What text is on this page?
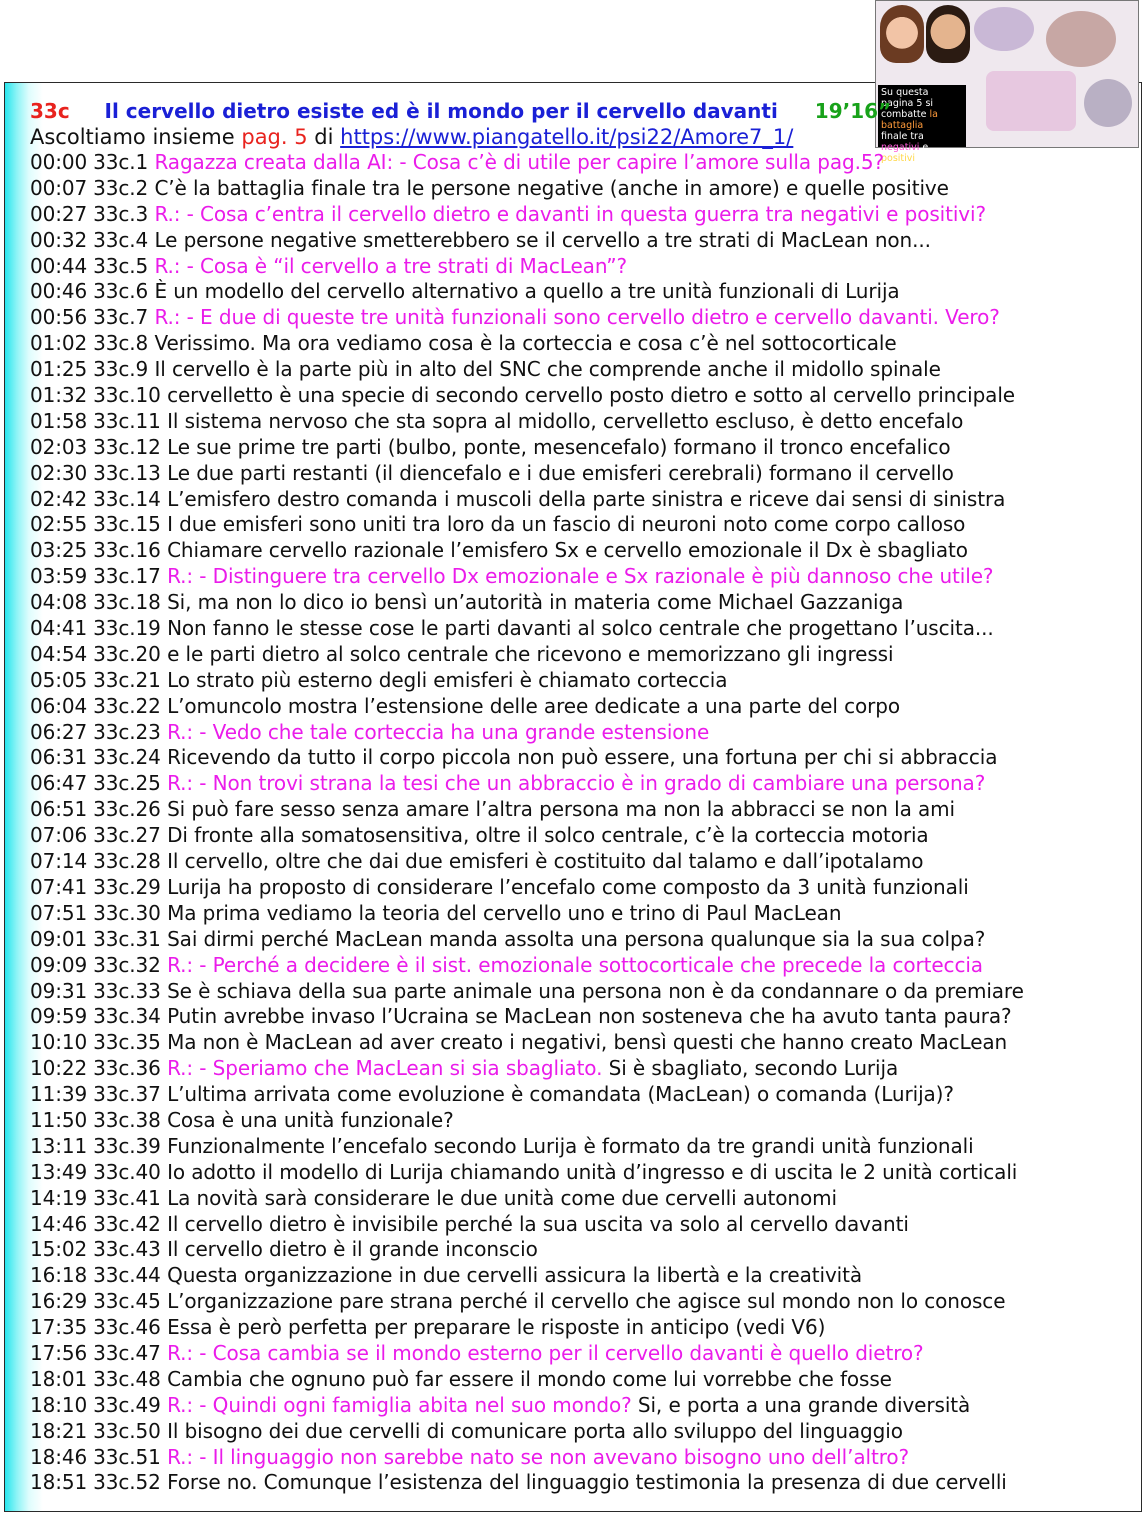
Su questa
pagina 5 si
combatte la
battaglia
finale tra negativi e positivi
33c Il cervello dietro esiste ed è il mondo per il cervello davanti 19’16”
Ascoltiamo insieme pag. 5 di https://www.piangatello.it/psi22/Amore7_1/
00:00 33c.1 Ragazza creata dalla AI: - Cosa c’è di utile per capire l’amore sulla pag.5?
00:07 33c.2 C’è la battaglia finale tra le persone negative (anche in amore) e quelle positive
00:27 33c.3 R.: - Cosa c’entra il cervello dietro e davanti in questa guerra tra negativi e positivi?
00:32 33c.4 Le persone negative smetterebbero se il cervello a tre strati di MacLean non...
00:44 33c.5 R.: - Cosa è “il cervello a tre strati di MacLean”?
00:46 33c.6 È un modello del cervello alternativo a quello a tre unità funzionali di Lurija
00:56 33c.7 R.: - E due di queste tre unità funzionali sono cervello dietro e cervello davanti. Vero?
01:02 33c.8 Verissimo. Ma ora vediamo cosa è la corteccia e cosa c’è nel sottocorticale
01:25 33c.9 Il cervello è la parte più in alto del SNC che comprende anche il midollo spinale
01:32 33c.10 cervelletto è una specie di secondo cervello posto dietro e sotto al cervello principale
01:58 33c.11 Il sistema nervoso che sta sopra al midollo, cervelletto escluso, è detto encefalo
02:03 33c.12 Le sue prime tre parti (bulbo, ponte, mesencefalo) formano il tronco encefalico
02:30 33c.13 Le due parti restanti (il diencefalo e i due emisferi cerebrali) formano il cervello
02:42 33c.14 L’emisfero destro comanda i muscoli della parte sinistra e riceve dai sensi di sinistra
02:55 33c.15 I due emisferi sono uniti tra loro da un fascio di neuroni noto come corpo calloso
03:25 33c.16 Chiamare cervello razionale l’emisfero Sx e cervello emozionale il Dx è sbagliato
03:59 33c.17 R.: - Distinguere tra cervello Dx emozionale e Sx razionale è più dannoso che utile?
04:08 33c.18 Si, ma non lo dico io bensì un’autorità in materia come Michael Gazzaniga
04:41 33c.19 Non fanno le stesse cose le parti davanti al solco centrale che progettano l’uscita...
04:54 33c.20 e le parti dietro al solco centrale che ricevono e memorizzano gli ingressi
05:05 33c.21 Lo strato più esterno degli emisferi è chiamato corteccia
06:04 33c.22 L’omuncolo mostra l’estensione delle aree dedicate a una parte del corpo
06:27 33c.23 R.: - Vedo che tale corteccia ha una grande estensione
06:31 33c.24 Ricevendo da tutto il corpo piccola non può essere, una fortuna per chi si abbraccia
06:47 33c.25 R.: - Non trovi strana la tesi che un abbraccio è in grado di cambiare una persona?
06:51 33c.26 Si può fare sesso senza amare l’altra persona ma non la abbracci se non la ami
07:06 33c.27 Di fronte alla somatosensitiva, oltre il solco centrale, c’è la corteccia motoria
07:14 33c.28 Il cervello, oltre che dai due emisferi è costituito dal talamo e dall’ipotalamo
07:41 33c.29 Lurija ha proposto di considerare l’encefalo come composto da 3 unità funzionali
07:51 33c.30 Ma prima vediamo la teoria del cervello uno e trino di Paul MacLean
09:01 33c.31 Sai dirmi perché MacLean manda assolta una persona qualunque sia la sua colpa?
09:09 33c.32 R.: - Perché a decidere è il sist. emozionale sottocorticale che precede la corteccia
09:31 33c.33 Se è schiava della sua parte animale una persona non è da condannare o da premiare
09:59 33c.34 Putin avrebbe invaso l’Ucraina se MacLean non sosteneva che ha avuto tanta paura?
10:10 33c.35 Ma non è MacLean ad aver creato i negativi, bensì questi che hanno creato MacLean
10:22 33c.36 R.: - Speriamo che MacLean si sia sbagliato. Si è sbagliato, secondo Lurija
11:39 33c.37 L’ultima arrivata come evoluzione è comandata (MacLean) o comanda (Lurija)?
11:50 33c.38 Cosa è una unità funzionale?
13:11 33c.39 Funzionalmente l’encefalo secondo Lurija è formato da tre grandi unità funzionali
13:49 33c.40 Io adotto il modello di Lurija chiamando unità d’ingresso e di uscita le 2 unità corticali
14:19 33c.41 La novità sarà considerare le due unità come due cervelli autonomi
14:46 33c.42 Il cervello dietro è invisibile perché la sua uscita va solo al cervello davanti
15:02 33c.43 Il cervello dietro è il grande inconscio
16:18 33c.44 Questa organizzazione in due cervelli assicura la libertà e la creatività
16:29 33c.45 L’organizzazione pare strana perché il cervello che agisce sul mondo non lo conosce
17:35 33c.46 Essa è però perfetta per preparare le risposte in anticipo (vedi V6)
17:56 33c.47 R.: - Cosa cambia se il mondo esterno per il cervello davanti è quello dietro?
18:01 33c.48 Cambia che ognuno può far essere il mondo come lui vorrebbe che fosse
18:10 33c.49 R.: - Quindi ogni famiglia abita nel suo mondo? Si, e porta a una grande diversità
18:21 33c.50 Il bisogno dei due cervelli di comunicare porta allo sviluppo del linguaggio
18:46 33c.51 R.: - Il linguaggio non sarebbe nato se non avevano bisogno uno dell’altro?
18:51 33c.52 Forse no. Comunque l’esistenza del linguaggio testimonia la presenza di due cervelli
